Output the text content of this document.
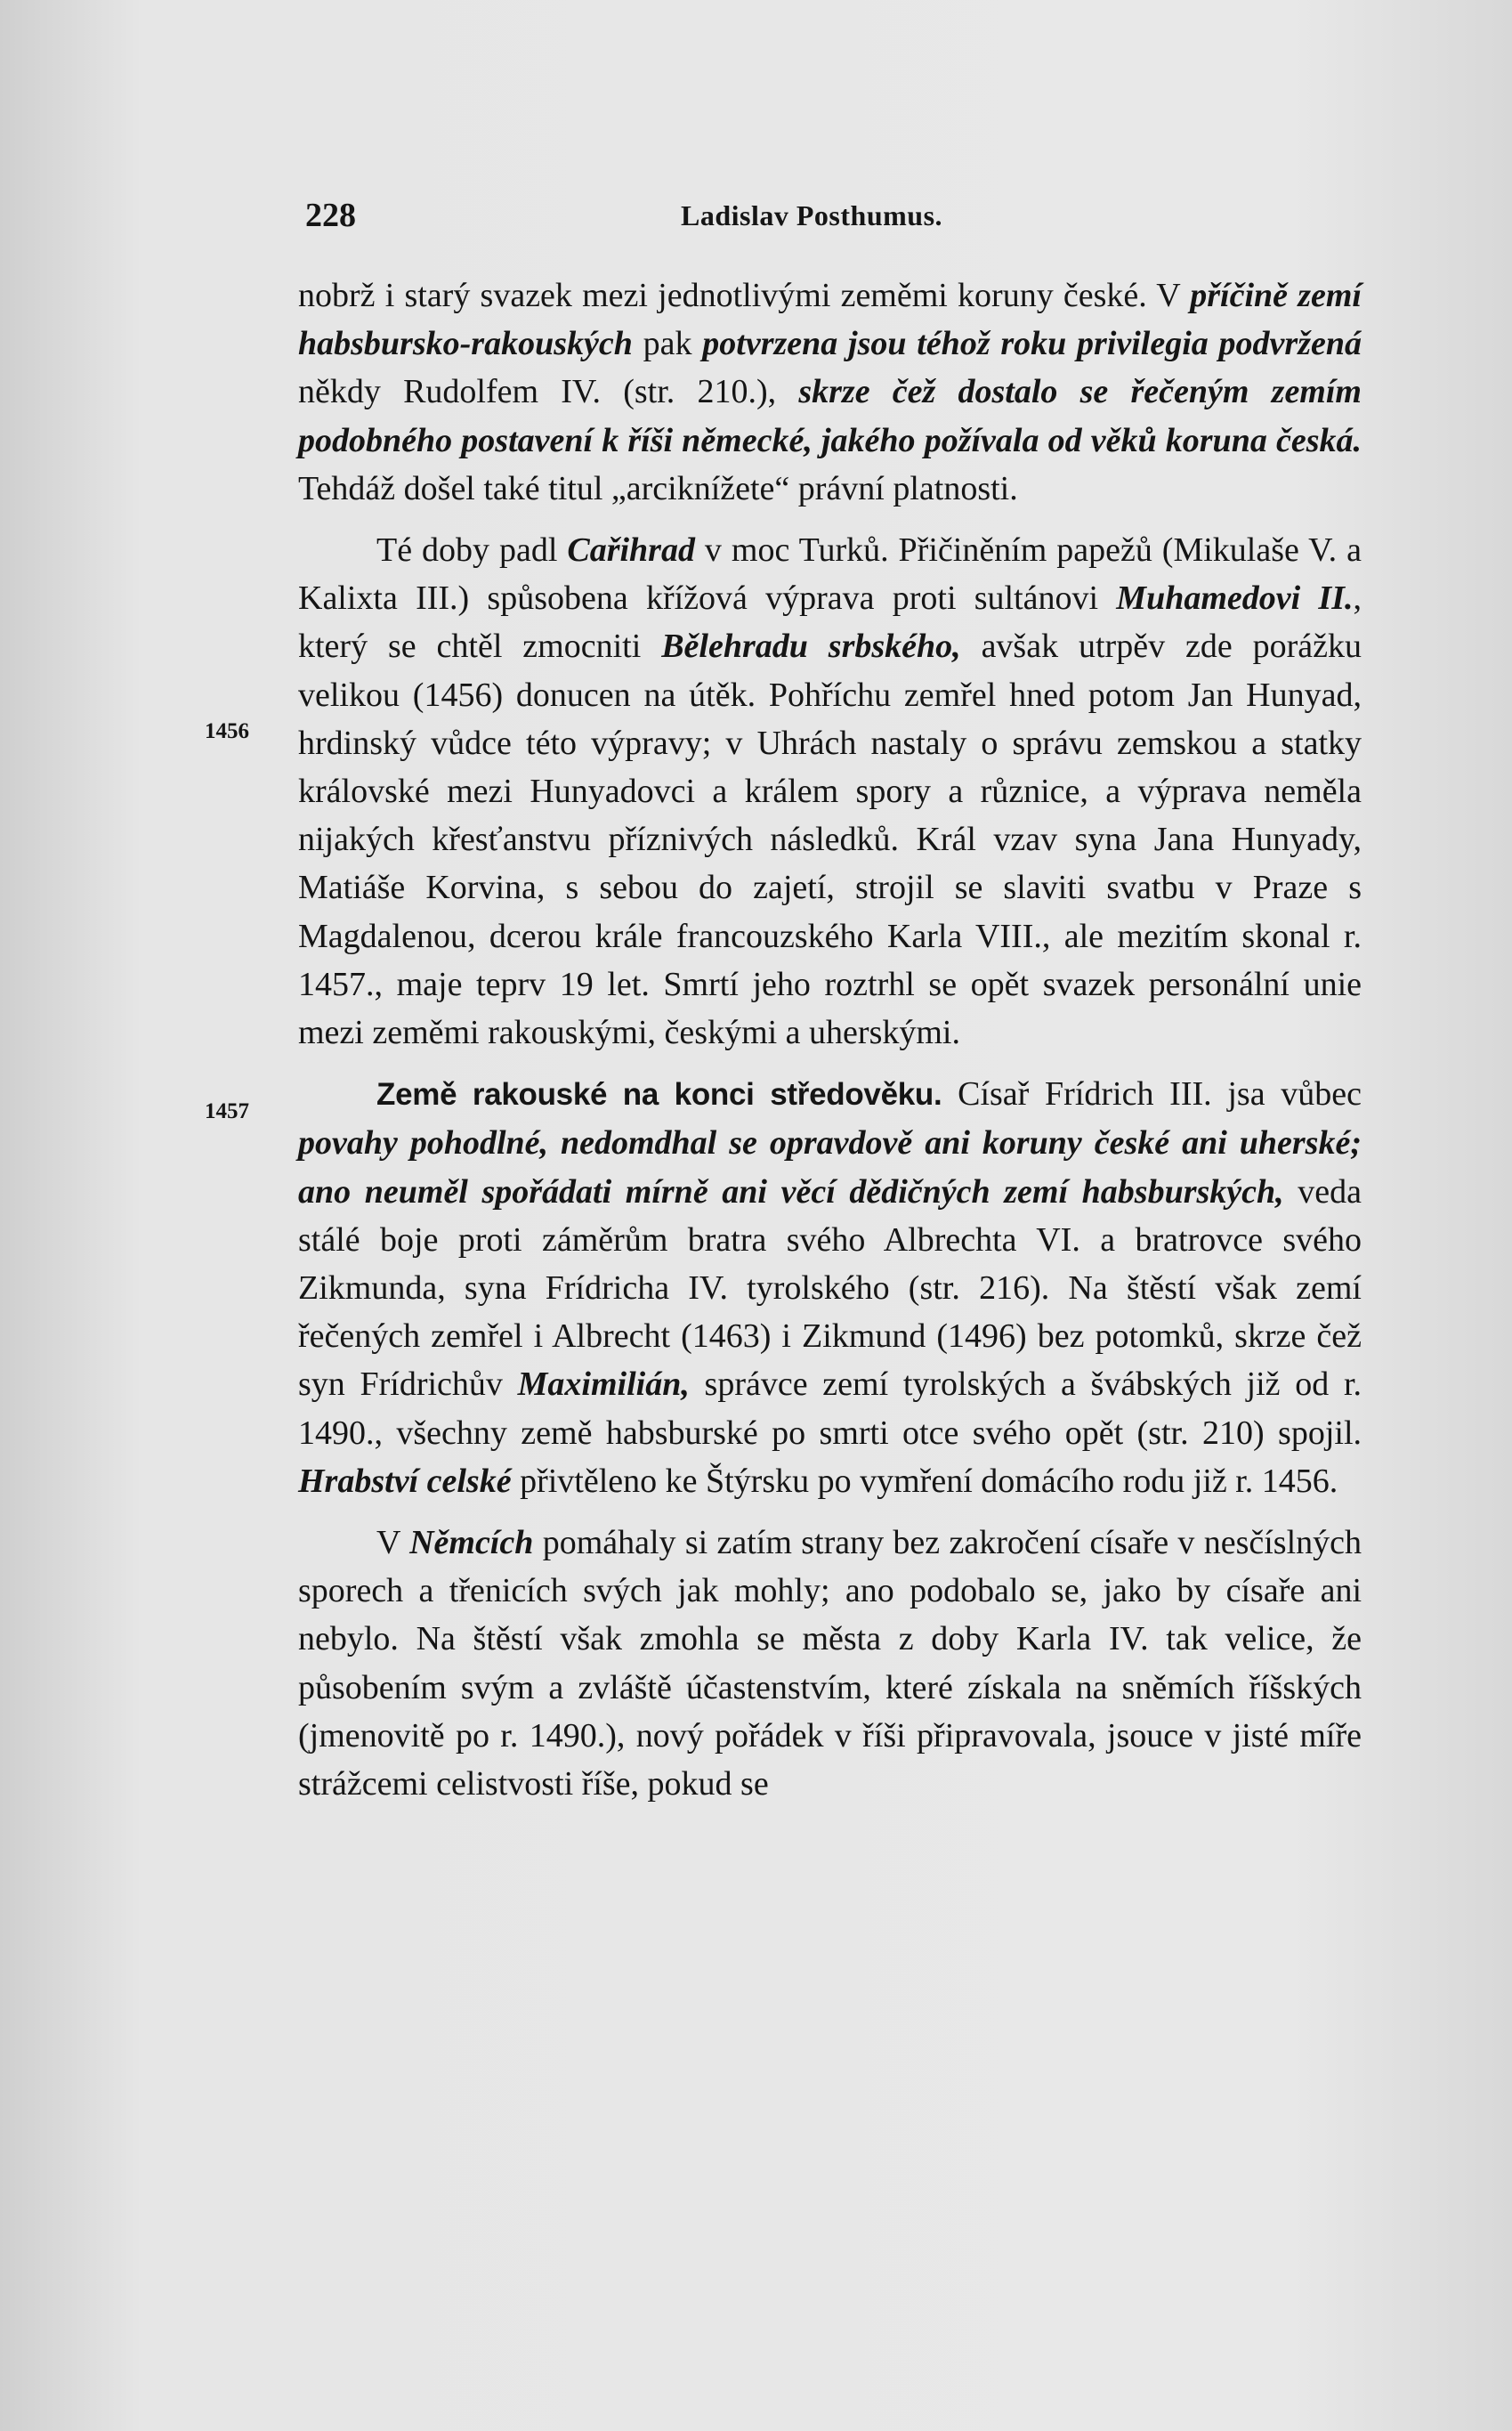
228	Ladislav Posthumus.

nobrž i starý svazek mezi jednotlivými zeměmi koruny české. V příčině zemí habsbursko-rakouských pak potvrzena jsou téhož roku privilegia podvržená někdy Rudolfem IV. (str. 210.), skrze čež dostalo se řečeným zemím podobného postavení k říši německé, jakého požívala od věků koruna česká. Tehdáž došel také titul „arciknížete“ právní platnosti.

Té doby padl Cařihrad v moc Turků. Přičiněním papežů (Mikulaše V. a Kalixta III.) spůsobena křížová výprava proti sultánovi Muhamedovi II., který se chtěl zmocniti Bělehradu srbského, avšak utrpěv zde porážku velikou (1456) donucen na útěk. Pohříchu zemřel hned potom Jan Hunyad, hrdinský vůdce této výpravy; v Uhrách nastaly o správu zemskou a statky královské mezi Hunyadovci a králem spory a různice, a výprava neměla nijakých křesťanstvu příznivých následků. Král vzav syna Jana Hunyady, Matiáše Korvina, s sebou do zajetí, strojil se slaviti svatbu v Praze s Magdalenou, dcerou krále francouzského Karla VIII., ale mezitím skonal r. 1457., maje teprv 19 let. Smrtí jeho roztrhl se opět svazek personální unie mezi zeměmi rakouskými, českými a uherskými.

Země rakouské na konci středověku. Císař Frídrich III. jsa vůbec povahy pohodlné, nedomdhal se opravdově ani koruny české ani uherské; ano neuměl spořádati mírně ani věcí dědičných zemí habsburských, veda stálé boje proti záměrům bratra svého Albrechta VI. a bratrovce svého Zikmunda, syna Frídricha IV. tyrolského (str. 216). Na štěstí však zemí řečených zemřel i Albrecht (1463) i Zikmund (1496) bez potomků, skrze čež syn Frídrichův Maximilián, správce zemí tyrolských a švábských již od r. 1490., všechny země habsburské po smrti otce svého opět (str. 210) spojil. Hrabství celské přivtěleno ke Štýrsku po vymření domácího rodu již r. 1456.

V Němcích pomáhaly si zatím strany bez zakročení císaře v nesčíslných sporech a třenicích svých jak mohly; ano podobalo se, jako by císaře ani nebylo. Na štěstí však zmohla se města z doby Karla IV. tak velice, že působením svým a zvláště účastenstvím, které získala na sněmích říšských (jmenovitě po r. 1490.), nový pořádek v říši připravovala, jsouce v jisté míře strážcemi celistvosti říše, pokud se

1456
1457
